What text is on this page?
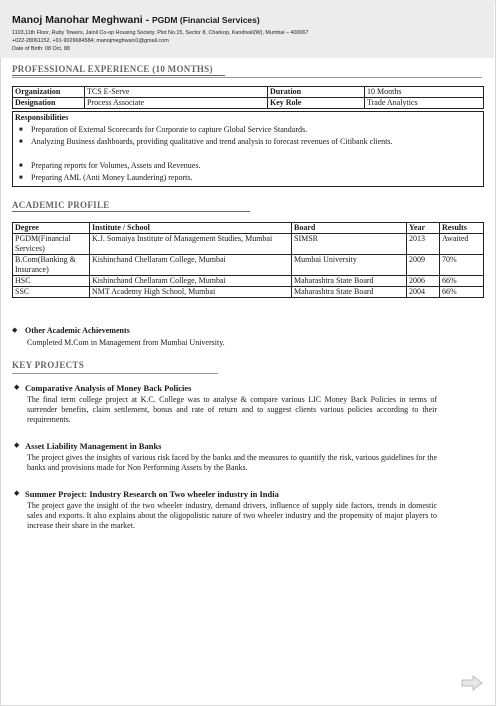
Manoj Manohar Meghwani - PGDM (Financial Services)
1103,11th Floor, Ruby Towers, Jainil Co-op Housing Society, Plot No.15, Sector 8, Charkop, Kandivali(W), Mumbai – 400067
+022-28061152, +91-9029684584; manojmeghwani1@gmail.com
Date of Birth: 08 Oct, 88
PROFESSIONAL EXPERIENCE (10 MONTHS)
Organization	TCS E-Serve	Duration	10 Months
Designation	Process Associate	Key Role	Trade Analytics
Responsibilities
■ Preparation of External Scorecards for Corporate to capture Global Service Standards.
■ Analyzing Business dashboards, providing qualitative and trend analysis to forecast revenues of Citibank clients.
■ Preparing reports for Volumes, Assets and Revenues.
■ Preparing AML (Anti Money Laundering) reports.
ACADEMIC PROFILE
Degree	Institute / School	Board	Year	Results
PGDM(Financial Services)	K.J. Somaiya Institute of Management Studies, Mumbai	SIMSR	2013	Awaited
B.Com(Banking & Insurance)	Kishinchand Chellaram College, Mumbai	Mumbai University	2009	70%
HSC	Kishinchand Chellaram College, Mumbai	Maharashtra State Board	2006	66%
SSC	NMT Academy High School, Mumbai	Maharashtra State Board	2004	66%
◆ Other Academic Achievements
Completed M.Com in Management from Mumbai University.
KEY PROJECTS
◆ Comparative Analysis of Money Back Policies
The final term college project at K.C. College was to analyse & compare various LIC Money Back Policies in terms of surrender benefits, claim settlement, bonus and rate of return and to suggest clients various policies according to their requirements.
◆ Asset Liability Management in Banks
The project gives the insights of various risk faced by the banks and the measures to quantify the risk, various guidelines for the banks and provisions made for Non Performing Assets by the Banks.
◆ Summer Project: Industry Research on Two wheeler industry in India
The project gave the insight of the two wheeler industry, demand drivers, influence of supply side factors, trends in domestic sales and exports. It also explains about the oligopolistic nature of two wheeler industry and the propensity of major players to increase their share in the market.
